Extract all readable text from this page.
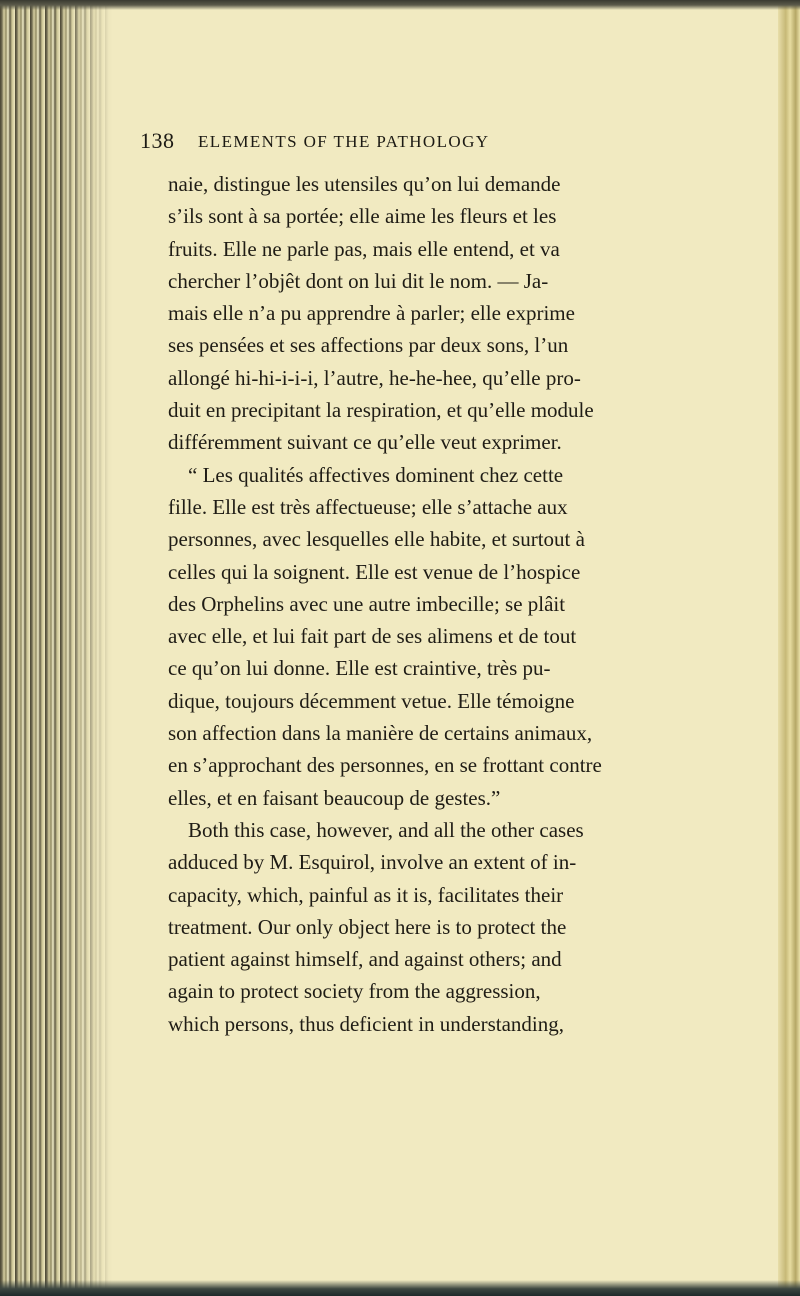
138 ELEMENTS OF THE PATHOLOGY
naie, distingue les utensiles qu’on lui demande
s’ils sont à sa portée; elle aime les fleurs et les
fruits. Elle ne parle pas, mais elle entend, et va
chercher l’objêt dont on lui dit le nom. — Ja-
mais elle n’a pu apprendre à parler; elle exprime
ses pensées et ses affections par deux sons, l’un
allongé hi-hi-i-i-i, l’autre, he-he-hee, qu’elle pro-
duit en precipitant la respiration, et qu’elle module
différemment suivant ce qu’elle veut exprimer.
“ Les qualités affectives dominent chez cette
fille. Elle est très affectueuse; elle s’attache aux
personnes, avec lesquelles elle habite, et surtout à
celles qui la soignent. Elle est venue de l’hospice
des Orphelins avec une autre imbecille; se plâit
avec elle, et lui fait part de ses alimens et de tout
ce qu’on lui donne. Elle est craintive, très pu-
dique, toujours décemment vetue. Elle témoigne
son affection dans la manière de certains animaux,
en s’approchant des personnes, en se frottant contre
elles, et en faisant beaucoup de gestes.”
Both this case, however, and all the other cases
adduced by M. Esquirol, involve an extent of in-
capacity, which, painful as it is, facilitates their
treatment. Our only object here is to protect the
patient against himself, and against others; and
again to protect society from the aggression,
which persons, thus deficient in understanding,
